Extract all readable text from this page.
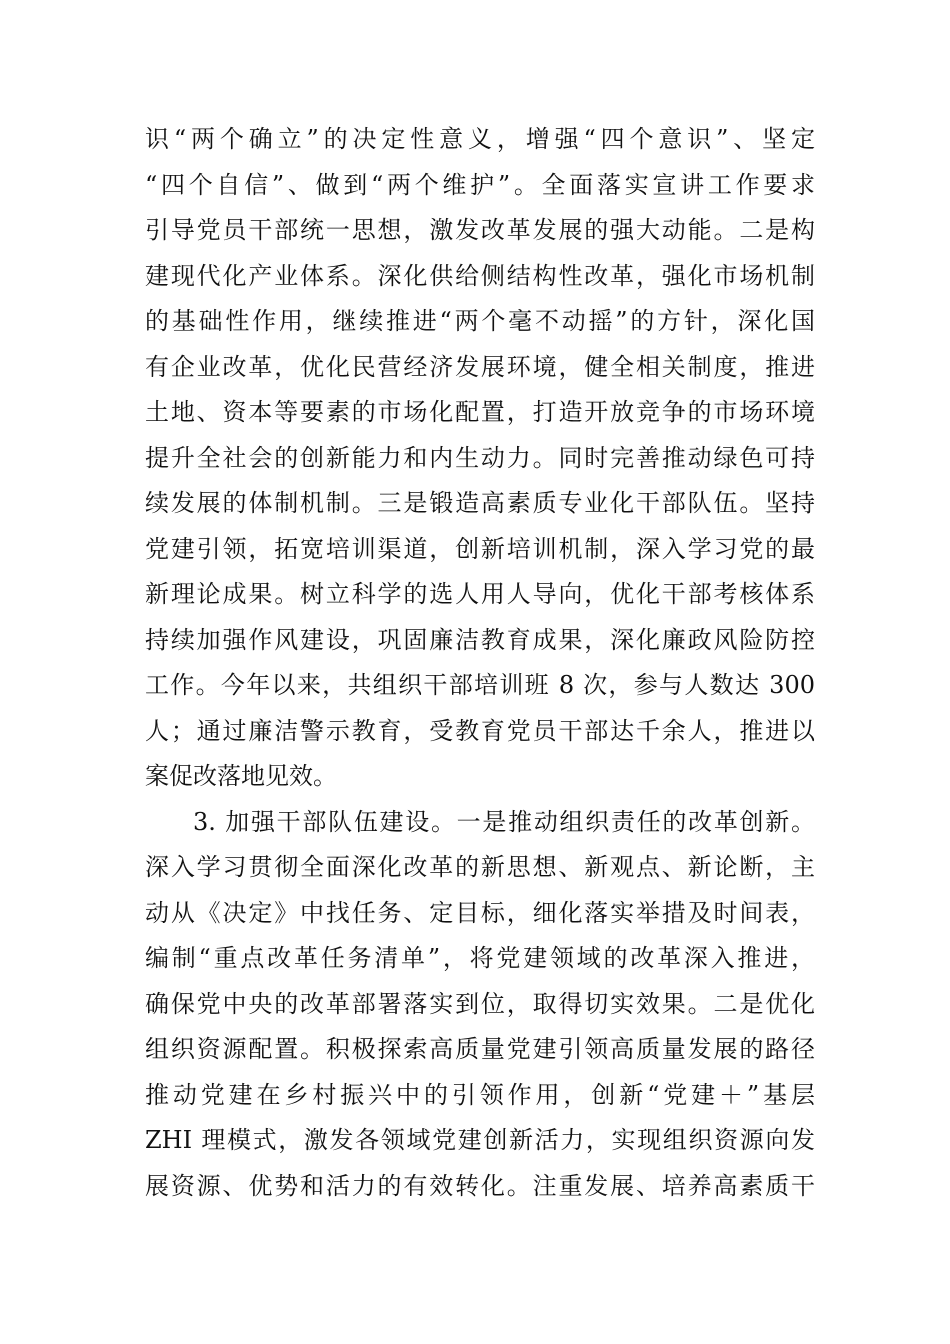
识“两个确立”的决定性意义，增强“四个意识”、坚定
“四个自信”、做到“两个维护”。全面落实宣讲工作要求
引导党员干部统一思想，激发改革发展的强大动能。二是构
建现代化产业体系。深化供给侧结构性改革，强化市场机制
的基础性作用，继续推进“两个毫不动摇”的方针，深化国
有企业改革，优化民营经济发展环境，健全相关制度，推进
土地、资本等要素的市场化配置，打造开放竞争的市场环境
提升全社会的创新能力和内生动力。同时完善推动绿色可持
续发展的体制机制。三是锻造高素质专业化干部队伍。坚持
党建引领，拓宽培训渠道，创新培训机制，深入学习党的最
新理论成果。树立科学的选人用人导向，优化干部考核体系
持续加强作风建设，巩固廉洁教育成果，深化廉政风险防控
工作。今年以来，共组织干部培训班 8 次，参与人数达 300
人；通过廉洁警示教育，受教育党员干部达千余人，推进以
案促改落地见效。
3. 加强干部队伍建设。一是推动组织责任的改革创新。
深入学习贯彻全面深化改革的新思想、新观点、新论断，主
动从《决定》中找任务、定目标，细化落实举措及时间表，
编制“重点改革任务清单”，将党建领域的改革深入推进，
确保党中央的改革部署落实到位，取得切实效果。二是优化
组织资源配置。积极探索高质量党建引领高质量发展的路径
推动党建在乡村振兴中的引领作用，创新“党建＋”基层
ZHI 理模式，激发各领域党建创新活力，实现组织资源向发
展资源、优势和活力的有效转化。注重发展、培养高素质干
